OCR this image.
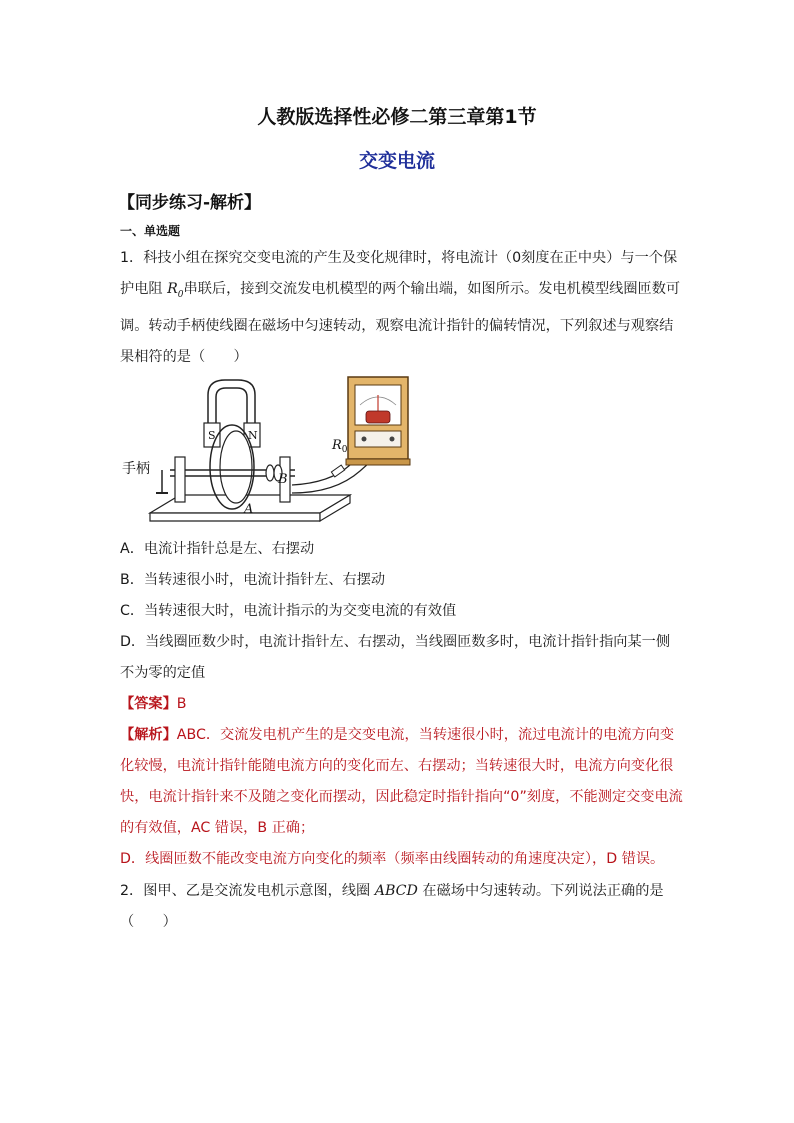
人教版选择性必修二第三章第1节
交变电流
【同步练习-解析】
一、单选题
1．科技小组在探究交变电流的产生及变化规律时，将电流计（0刻度在正中央）与一个保
护电阻 $R_0$串联后，接到交流发电机模型的两个输出端，如图所示。发电机模型线圈匝数可
调。转动手柄使线圈在磁场中匀速转动，观察电流计指针的偏转情况，下列叙述与观察结
果相符的是（　　）
手柄
S	N
B
A
$R_0$
A．电流计指针总是左、右摆动
B．当转速很小时，电流计指针左、右摆动
C．当转速很大时，电流计指示的为交变电流的有效值
D．当线圈匝数少时，电流计指针左、右摆动，当线圈匝数多时，电流计指针指向某一侧
不为零的定值
【答案】B
【解析】ABC．交流发电机产生的是交变电流，当转速很小时，流过电流计的电流方向变
化较慢，电流计指针能随电流方向的变化而左、右摆动；当转速很大时，电流方向变化很
快，电流计指针来不及随之变化而摆动，因此稳定时指针指向“0”刻度，不能测定交变电流
的有效值，AC 错误，B 正确；
D．线圈匝数不能改变电流方向变化的频率（频率由线圈转动的角速度决定），D 错误。
2．图甲、乙是交流发电机示意图，线圈 ABCD 在磁场中匀速转动。下列说法正确的是
（　　）
